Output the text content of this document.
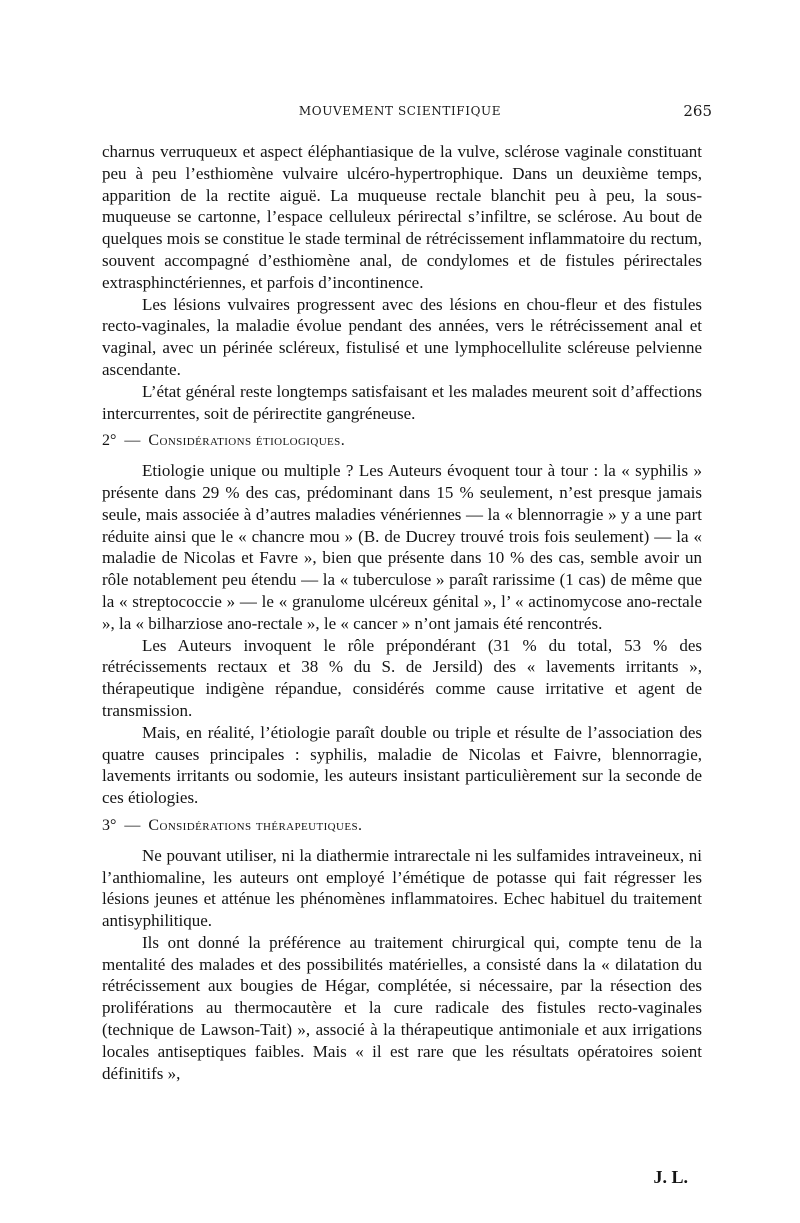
MOUVEMENT SCIENTIFIQUE	265

charnus verruqueux et aspect éléphantiasique de la vulve, sclérose vaginale constituant peu à peu l’esthiomène vulvaire ulcéro-hypertrophique. Dans un deuxième temps, apparition de la rectite aiguë. La muqueuse rectale blanchit peu à peu, la sous-muqueuse se cartonne, l’espace celluleux périrectal s’infiltre, se sclérose. Au bout de quelques mois se constitue le stade terminal de rétrécissement inflammatoire du rectum, souvent accompagné d’esthiomène anal, de condylomes et de fistules périrectales extrasphinctériennes, et parfois d’incontinence.

Les lésions vulvaires progressent avec des lésions en chou-fleur et des fistules recto-vaginales, la maladie évolue pendant des années, vers le rétrécissement anal et vaginal, avec un périnée scléreux, fistulisé et une lymphocellulite scléreuse pelvienne ascendante.

L’état général reste longtemps satisfaisant et les malades meurent soit d’affections intercurrentes, soit de périrectite gangréneuse.

2°  —  Considérations étiologiques.

Etiologie unique ou multiple ? Les Auteurs évoquent tour à tour : la « syphilis » présente dans 29 % des cas, prédominant dans 15 % seulement, n’est presque jamais seule, mais associée à d’autres maladies vénériennes — la « blennorragie » y a une part réduite ainsi que le « chancre mou » (B. de Ducrey trouvé trois fois seulement) — la « maladie de Nicolas et Favre », bien que présente dans 10 % des cas, semble avoir un rôle notablement peu étendu — la « tuberculose » paraît rarissime (1 cas) de même que la « streptococcie » — le « granulome ulcéreux génital », l’ « actinomycose ano-rectale », la « bilharziose ano-rectale », le « cancer » n’ont jamais été rencontrés.

Les Auteurs invoquent le rôle prépondérant (31 % du total, 53 % des rétrécissements rectaux et 38 % du S. de Jersild) des « lavements irritants », thérapeutique indigène répandue, considérés comme cause irritative et agent de transmission.

Mais, en réalité, l’étiologie paraît double ou triple et résulte de l’association des quatre causes principales : syphilis, maladie de Nicolas et Faivre, blennorragie, lavements irritants ou sodomie, les auteurs insistant particulièrement sur la seconde de ces étiologies.

3°  —  Considérations thérapeutiques.

Ne pouvant utiliser, ni la diathermie intrarectale ni les sulfamides intraveineux, ni l’anthiomaline, les auteurs ont employé l’émétique de potasse qui fait régresser les lésions jeunes et atténue les phénomènes inflammatoires. Echec habituel du traitement antisyphilitique.

Ils ont donné la préférence au traitement chirurgical qui, compte tenu de la mentalité des malades et des possibilités matérielles, a consisté dans la « dilatation du rétrécissement aux bougies de Hégar, complétée, si nécessaire, par la résection des proliférations au thermocautère et la cure radicale des fistules recto-vaginales (technique de Lawson-Tait) », associé à la thérapeutique antimoniale et aux irrigations locales antiseptiques faibles. Mais « il est rare que les résultats opératoires soient définitifs »,

J. L.
